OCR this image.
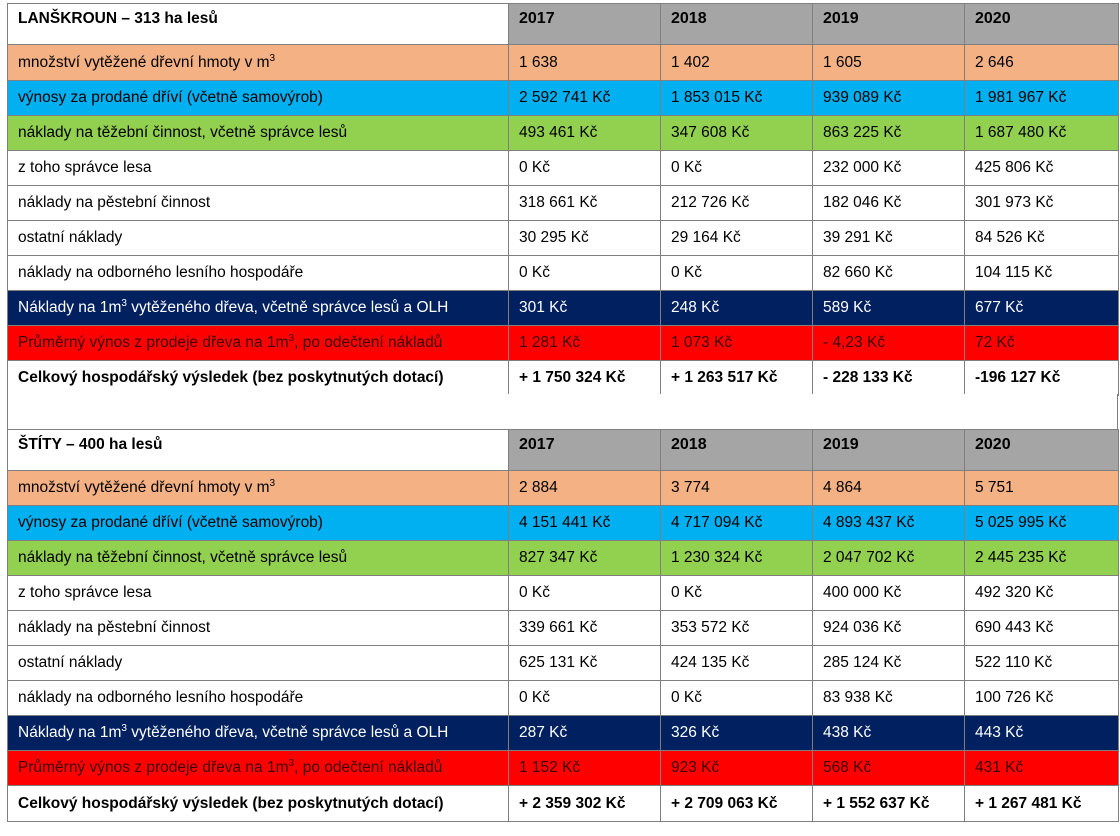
LANŠKROUN – 313 ha lesů	2017	2018	2019	2020
množství vytěžené dřevní hmoty v $m^3$	1 638	1 402	1 605	2 646
výnosy za prodané dříví (včetně samovýrob)	2 592 741 Kč	1 853 015 Kč	939 089 Kč	1 981 967 Kč
náklady na těžební činnost, včetně správce lesů	493 461 Kč	347 608 Kč	863 225 Kč	1 687 480 Kč
z toho správce lesa	0 Kč	0 Kč	232 000 Kč	425 806 Kč
náklady na pěstební činnost	318 661 Kč	212 726 Kč	182 046 Kč	301 973 Kč
ostatní náklady	30 295 Kč	29 164 Kč	39 291 Kč	84 526 Kč
náklady na odborného lesního hospodáře	0 Kč	0 Kč	82 660 Kč	104 115 Kč
Náklady na $1m^3$ vytěženého dřeva, včetně správce lesů a OLH	301 Kč	248 Kč	589 Kč	677 Kč
Průměrný výnos z prodeje dřeva na $1m^3$, po odečtení nákladů	1 281 Kč	1 073 Kč	- 4,23 Kč	72 Kč
Celkový hospodářský výsledek (bez poskytnutých dotací)	+ 1 750 324 Kč	+ 1 263 517 Kč	- 228 133 Kč	-196 127 Kč
ŠTÍTY – 400 ha lesů	2017	2018	2019	2020
množství vytěžené dřevní hmoty v $m^3$	2 884	3 774	4 864	5 751
výnosy za prodané dříví (včetně samovýrob)	4 151 441 Kč	4 717 094 Kč	4 893 437 Kč	5 025 995 Kč
náklady na těžební činnost, včetně správce lesů	827 347 Kč	1 230 324 Kč	2 047 702 Kč	2 445 235 Kč
z toho správce lesa	0 Kč	0 Kč	400 000 Kč	492 320 Kč
náklady na pěstební činnost	339 661 Kč	353 572 Kč	924 036 Kč	690 443 Kč
ostatní náklady	625 131 Kč	424 135 Kč	285 124 Kč	522 110 Kč
náklady na odborného lesního hospodáře	0 Kč	0 Kč	83 938 Kč	100 726 Kč
Náklady na $1m^3$ vytěženého dřeva, včetně správce lesů a OLH	287 Kč	326 Kč	438 Kč	443 Kč
Průměrný výnos z prodeje dřeva na $1m^3$, po odečtení nákladů	1 152 Kč	923 Kč	568 Kč	431 Kč
Celkový hospodářský výsledek (bez poskytnutých dotací)	+ 2 359 302 Kč	+ 2 709 063 Kč	+ 1 552 637 Kč	+ 1 267 481 Kč
